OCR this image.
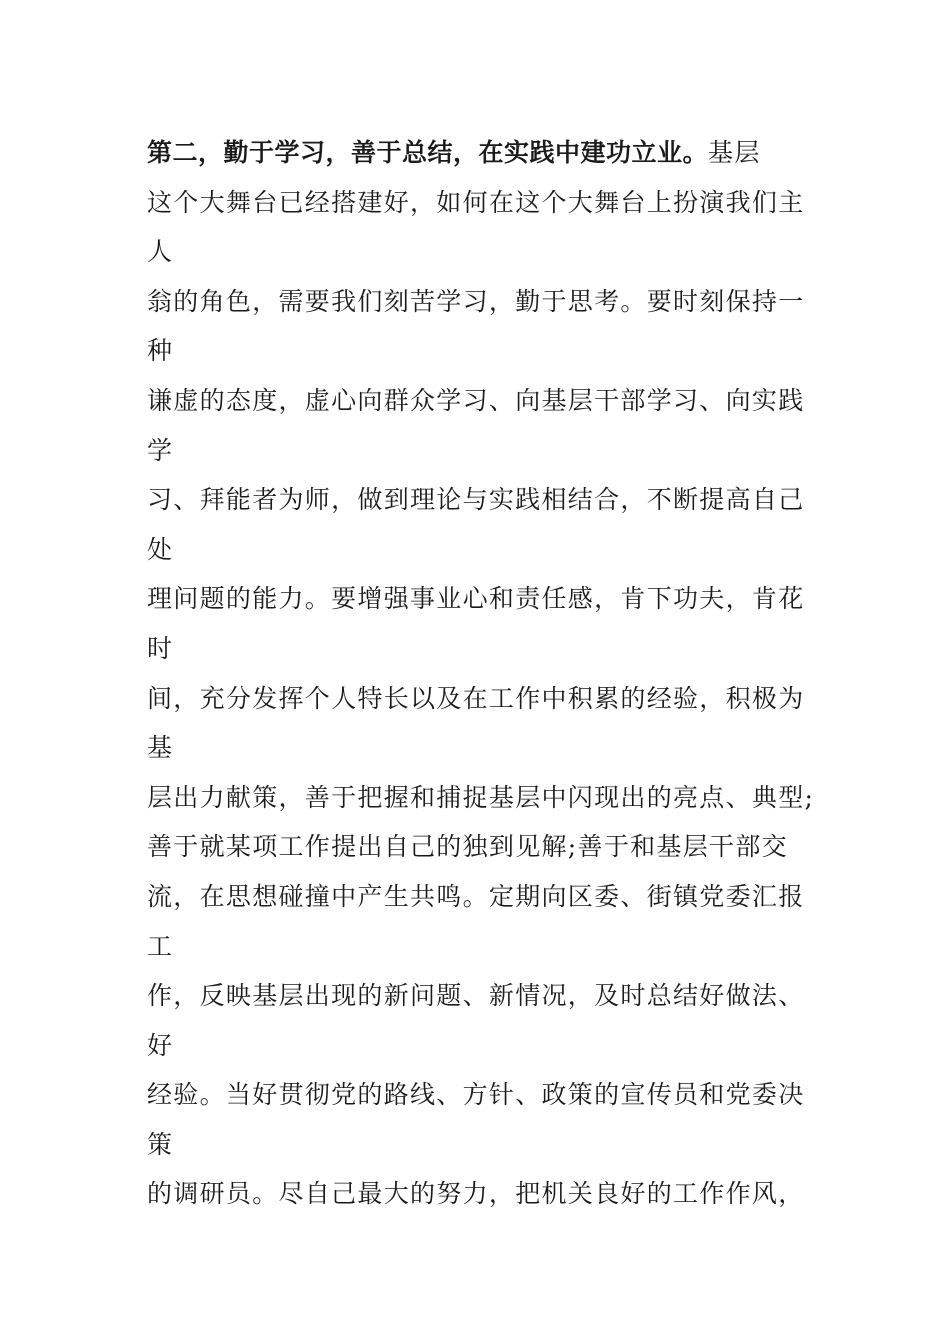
第二，勤于学习，善于总结，在实践中建功立业。基层
这个大舞台已经搭建好，如何在这个大舞台上扮演我们主
人
翁的角色，需要我们刻苦学习，勤于思考。要时刻保持一
种
谦虚的态度，虚心向群众学习、向基层干部学习、向实践
学
习、拜能者为师，做到理论与实践相结合，不断提高自己
处
理问题的能力。要增强事业心和责任感，肯下功夫，肯花
时
间，充分发挥个人特长以及在工作中积累的经验，积极为
基
层出力献策，善于把握和捕捉基层中闪现出的亮点、典型;
善于就某项工作提出自己的独到见解;善于和基层干部交
流，在思想碰撞中产生共鸣。定期向区委、街镇党委汇报
工
作，反映基层出现的新问题、新情况，及时总结好做法、
好
经验。当好贯彻党的路线、方针、政策的宣传员和党委决
策
的调研员。尽自己最大的努力，把机关良好的工作作风，
